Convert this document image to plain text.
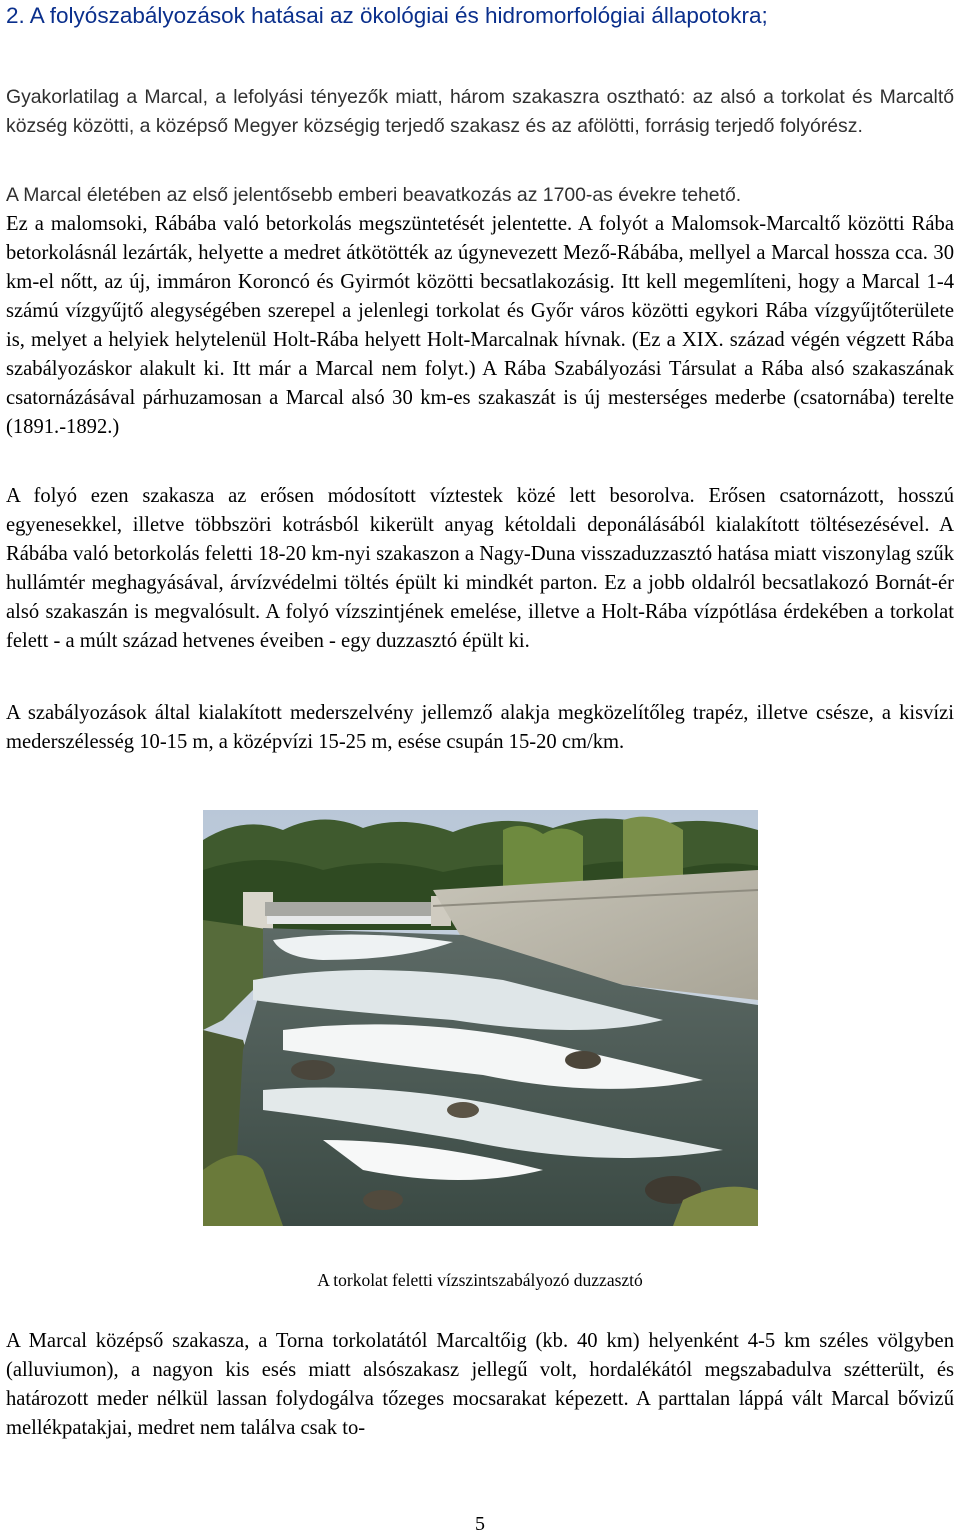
2. A folyószabályozások hatásai az ökológiai és hidromorfológiai állapotokra;

Gyakorlatilag a Marcal, a lefolyási tényezők miatt, három szakaszra osztható: az alsó a torkolat és Marcaltő község közötti, a középső Megyer községig terjedő szakasz és az afölötti, forrásig terjedő folyórész.

A Marcal életében az első jelentősebb emberi beavatkozás az 1700-as évekre tehető.

Ez a malomsoki, Rábába való betorkolás megszüntetését jelentette. A folyót a Malomsok-Marcaltő közötti Rába betorkolásnál lezárták, helyette a medret átkötötték az úgynevezett Mező-Rábába, mellyel a Marcal hossza cca. 30 km-el nőtt, az új, immáron Koroncó és Gyirmót közötti becsatlakozásig. Itt kell megemlíteni, hogy a Marcal 1-4 számú vízgyűjtő alegységében szerepel a jelenlegi torkolat és Győr város közötti egykori Rába vízgyűjtőterülete is, melyet a helyiek helytelenül Holt-Rába helyett Holt-Marcalnak hívnak. (Ez a XIX. század végén végzett Rába szabályozáskor alakult ki. Itt már a Marcal nem folyt.) A Rába Szabályozási Társulat a Rába alsó szakaszának csatornázásával párhuzamosan a Marcal alsó 30 km-es szakaszát is új mesterséges mederbe (csatornába) terelte (1891.-1892.)

A folyó ezen szakasza az erősen módosított víztestek közé lett besorolva. Erősen csatornázott, hosszú egyenesekkel, illetve többszöri kotrásból kikerült anyag kétoldali deponálásából kialakított töltésezésével. A Rábába való betorkolás feletti 18-20 km-nyi szakaszon a Nagy-Duna visszaduzzasztó hatása miatt viszonylag szűk hullámtér meghagyásával, árvízvédelmi töltés épült ki mindkét parton. Ez a jobb oldalról becsatlakozó Bornát-ér alsó szakaszán is megvalósult. A folyó vízszintjének emelése, illetve a Holt-Rába vízpótlása érdekében a torkolat felett - a múlt század hetvenes éveiben - egy duzzasztó épült ki.

A szabályozások által kialakított mederszelvény jellemző alakja megközelítőleg trapéz, illetve csésze, a kisvízi mederszélesség 10-15 m, a középvízi 15-25 m, esése csupán 15-20 cm/km.

A torkolat feletti vízszintszabályozó duzzasztó

A Marcal középső szakasza, a Torna torkolatától Marcaltőig (kb. 40 km) helyenként 4-5 km széles völgyben (alluviumon), a nagyon kis esés miatt alsószakasz jellegű volt, hordalékától megszabadulva szétterült, és határozott meder nélkül lassan folydogálva tőzeges mocsarakat képezett. A parttalan láppá vált Marcal bővizű mellékpatakjai, medret nem találva csak to-

5
